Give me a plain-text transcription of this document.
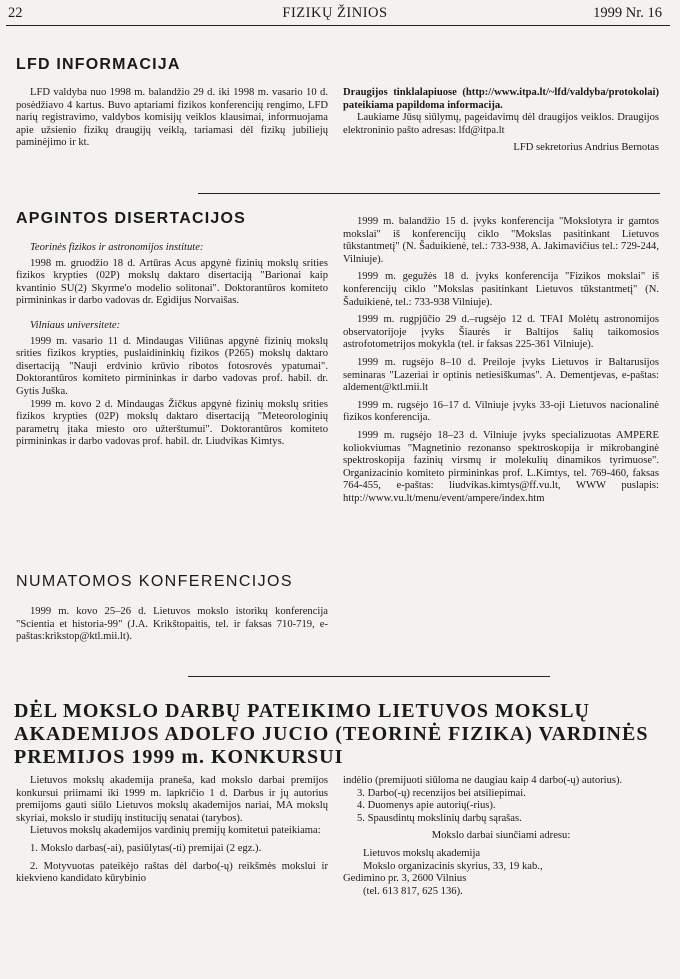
22	FIZIKŲ ŽINIOS	1999 Nr. 16
LFD INFORMACIJA

LFD valdyba nuo 1998 m. balandžio 29 d. iki 1998 m. vasario 10 d. posėdžiavo 4 kartus. Buvo aptariami fizikos konferencijų rengimo, LFD narių registravimo, valdybos komisijų veiklos klausimai, informuojama apie užsienio fizikų draugijų veiklą, tariamasi dėl fizikų jubiliejų paminėjimo ir kt.

Draugijos tinklalapiuose (http://www.itpa.lt/~lfd/valdyba/protokolai) pateikiama papildoma informacija.

Laukiame Jūsų siūlymų, pageidavimų dėl draugijos veiklos. Draugijos elektroninio pašto adresas: lfd@itpa.lt

LFD sekretorius Andrius Bernotas

APGINTOS DISERTACIJOS

Teorinės fizikos ir astronomijos institute:

1998 m. gruodžio 18 d. Artūras Acus apgynė fizinių mokslų srities fizikos krypties (02P) mokslų daktaro disertaciją "Barionai kaip kvantinio SU(2) Skyrme'o modelio solitonai". Doktorantūros komiteto pirmininkas ir darbo vadovas dr. Egidijus Norvaišas.

Vilniaus universitete:

1999 m. vasario 11 d. Mindaugas Viliūnas apgynė fizinių mokslų srities fizikos krypties, puslaidininkių fizikos (P265) mokslų daktaro disertaciją "Nauji erdvinio krūvio ribotos fotosrovės ypatumai". Doktorantūros komiteto pirmininkas ir darbo vadovas prof. habil. dr. Gytis Juška.

1999 m. kovo 2 d. Mindaugas Žičkus apgynė fizinių mokslų srities fizikos krypties (02P) mokslų daktaro disertaciją "Meteorologinių parametrų įtaka miesto oro užterštumui". Doktorantūros komiteto pirmininkas ir darbo vadovas prof. habil. dr. Liudvikas Kimtys.

NUMATOMOS KONFERENCIJOS

1999 m. kovo 25–26 d. Lietuvos mokslo istorikų konferencija "Scientia et historia-99" (J.A. Krikštopaitis, tel. ir faksas 710-719, e-paštas:krikstop@ktl.mii.lt).

1999 m. balandžio 15 d. įvyks konferencija "Mokslotyra ir gamtos mokslai" iš konferencijų ciklo "Mokslas pasitinkant Lietuvos tūkstantmetį" (N. Šaduikienė, tel.: 733-938, A. Jakimavičius tel.: 729-244, Vilniuje).

1999 m. gegužės 18 d. įvyks konferencija "Fizikos mokslai" iš konferencijų ciklo "Mokslas pasitinkant Lietuvos tūkstantmetį" (N. Šaduikienė, tel.: 733-938 Vilniuje).

1999 m. rugpjūčio 29 d.–rugsėjo 12 d. TFAI Molėtų astronomijos observatorijoje įvyks Šiaurės ir Baltijos šalių taikomosios astrofotometrijos mokykla (tel. ir faksas 225-361 Vilniuje).

1999 m. rugsėjo 8–10 d. Preiloje įvyks Lietuvos ir Baltarusijos seminaras "Lazeriai ir optinis netiesiškumas". A. Dementjevas, e-paštas: aldement@ktl.mii.lt

1999 m. rugsėjo 16–17 d. Vilniuje įvyks 33-oji Lietuvos nacionalinė fizikos konferencija.

1999 m. rugsėjo 18–23 d. Vilniuje įvyks specializuotas AMPERE koliokviumas "Magnetinio rezonanso spektroskopija ir mikrobanginė spektroskopija fazinių virsmų ir molekulių dinamikos tyrimuose". Organizacinio komiteto pirmininkas prof. L.Kimtys, tel. 769-460, faksas 764-455, e-paštas: liudvikas.kimtys@ff.vu.lt, WWW puslapis: http://www.vu.lt/menu/event/ampere/index.htm

DĖL MOKSLO DARBŲ PATEIKIMO LIETUVOS MOKSLŲ AKADEMIJOS ADOLFO JUCIO (TEORINĖ FIZIKA) VARDINĖS PREMIJOS 1999 m. KONKURSUI

Lietuvos mokslų akademija praneša, kad mokslo darbai premijos konkursui priimami iki 1999 m. lapkričio 1 d. Darbus ir jų autorius premijoms gauti siūlo Lietuvos mokslų akademijos nariai, MA mokslų skyriai, mokslo ir studijų institucijų senatai (tarybos).

Lietuvos mokslų akademijos vardinių premijų komitetui pateikiama:

1. Mokslo darbas(-ai), pasiūlytas(-ti) premijai (2 egz.).

2. Motyvuotas pateikėjo raštas dėl darbo(-ų) reikšmės mokslui ir kiekvieno kandidato kūrybinio

indėlio (premijuoti siūloma ne daugiau kaip 4 darbo(-ų) autorius).

3. Darbo(-ų) recenzijos bei atsiliepimai.

4. Duomenys apie autorių(-rius).

5. Spausdintų mokslinių darbų sąrašas.

Mokslo darbai siunčiami adresu:

Lietuvos mokslų akademija

Mokslo organizacinis skyrius, 33, 19 kab.,

Gedimino pr. 3, 2600 Vilnius

(tel. 613 817, 625 136).
